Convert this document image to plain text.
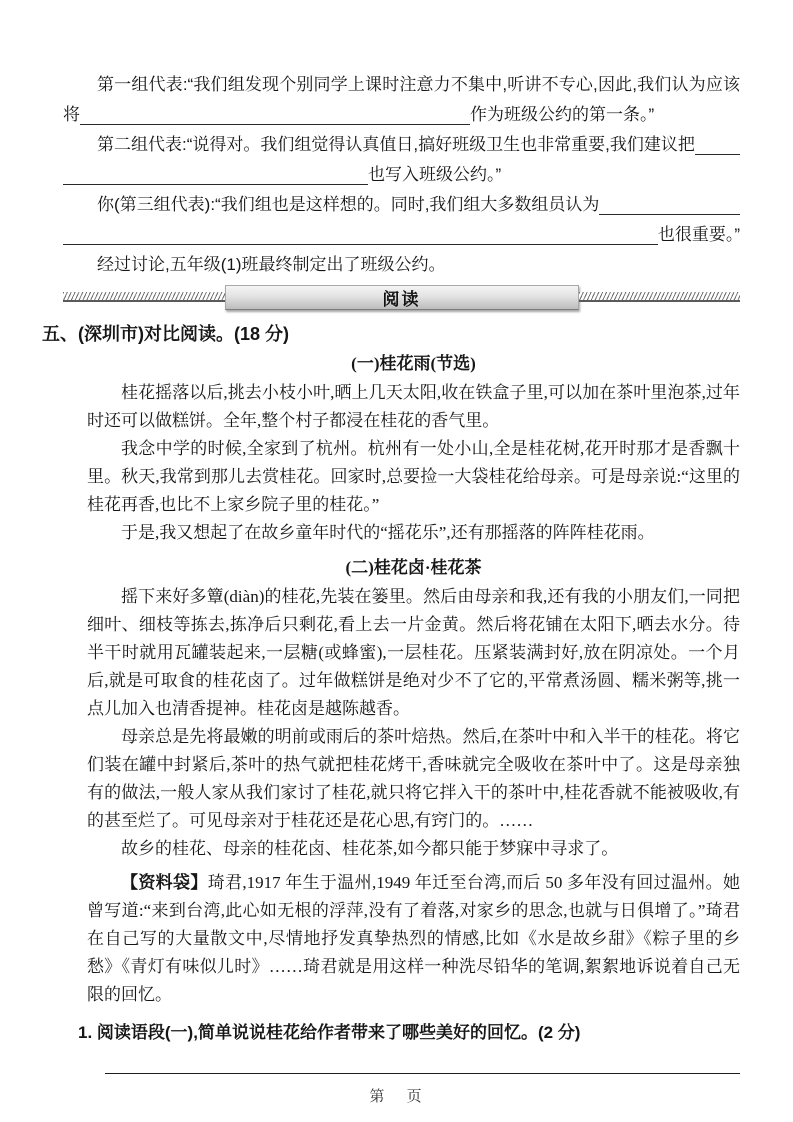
第一组代表:“我们组发现个别同学上课时注意力不集中,听讲不专心,因此,我们认为应该
将	作为班级公约的第一条。”
第二组代表:“说得对。我们组觉得认真值日,搞好班级卫生也非常重要,我们建议把
也写入班级公约。”
你(第三组代表):“我们组也是这样想的。同时,我们组大多数组员认为
也很重要。”
经过讨论,五年级(1)班最终制定出了班级公约。
阅读
五、(深圳市)对比阅读。(18 分)
(一)桂花雨(节选)

桂花摇落以后,挑去小枝小叶,晒上几天太阳,收在铁盒子里,可以加在茶叶里泡茶,过年时还可以做糕饼。全年,整个村子都浸在桂花的香气里。

我念中学的时候,全家到了杭州。杭州有一处小山,全是桂花树,花开时那才是香飘十里。秋天,我常到那儿去赏桂花。回家时,总要捡一大袋桂花给母亲。可是母亲说:“这里的桂花再香,也比不上家乡院子里的桂花。”

于是,我又想起了在故乡童年时代的“摇花乐”,还有那摇落的阵阵桂花雨。

(二)桂花卤·桂花茶

摇下来好多簟(diàn)的桂花,先装在篓里。然后由母亲和我,还有我的小朋友们,一同把细叶、细枝等拣去,拣净后只剩花,看上去一片金黄。然后将花铺在太阳下,晒去水分。待半干时就用瓦罐装起来,一层糖(或蜂蜜),一层桂花。压紧装满封好,放在阴凉处。一个月后,就是可取食的桂花卤了。过年做糕饼是绝对少不了它的,平常煮汤圆、糯米粥等,挑一点儿加入也清香提神。桂花卤是越陈越香。

母亲总是先将最嫩的明前或雨后的茶叶焙热。然后,在茶叶中和入半干的桂花。将它们装在罐中封紧后,茶叶的热气就把桂花烤干,香味就完全吸收在茶叶中了。这是母亲独有的做法,一般人家从我们家讨了桂花,就只将它拌入干的茶叶中,桂花香就不能被吸收,有的甚至烂了。可见母亲对于桂花还是花心思,有窍门的。……

故乡的桂花、母亲的桂花卤、桂花茶,如今都只能于梦寐中寻求了。

【资料袋】琦君,1917 年生于温州,1949 年迁至台湾,而后 50 多年没有回过温州。她曾写道:“来到台湾,此心如无根的浮萍,没有了着落,对家乡的思念,也就与日俱增了。”琦君在自己写的大量散文中,尽情地抒发真挚热烈的情感,比如《水是故乡甜》《粽子里的乡愁》《青灯有味似儿时》……琦君就是用这样一种洗尽铅华的笔调,絮絮地诉说着自己无限的回忆。

1. 阅读语段(一),简单说说桂花给作者带来了哪些美好的回忆。(2 分)
第 页
